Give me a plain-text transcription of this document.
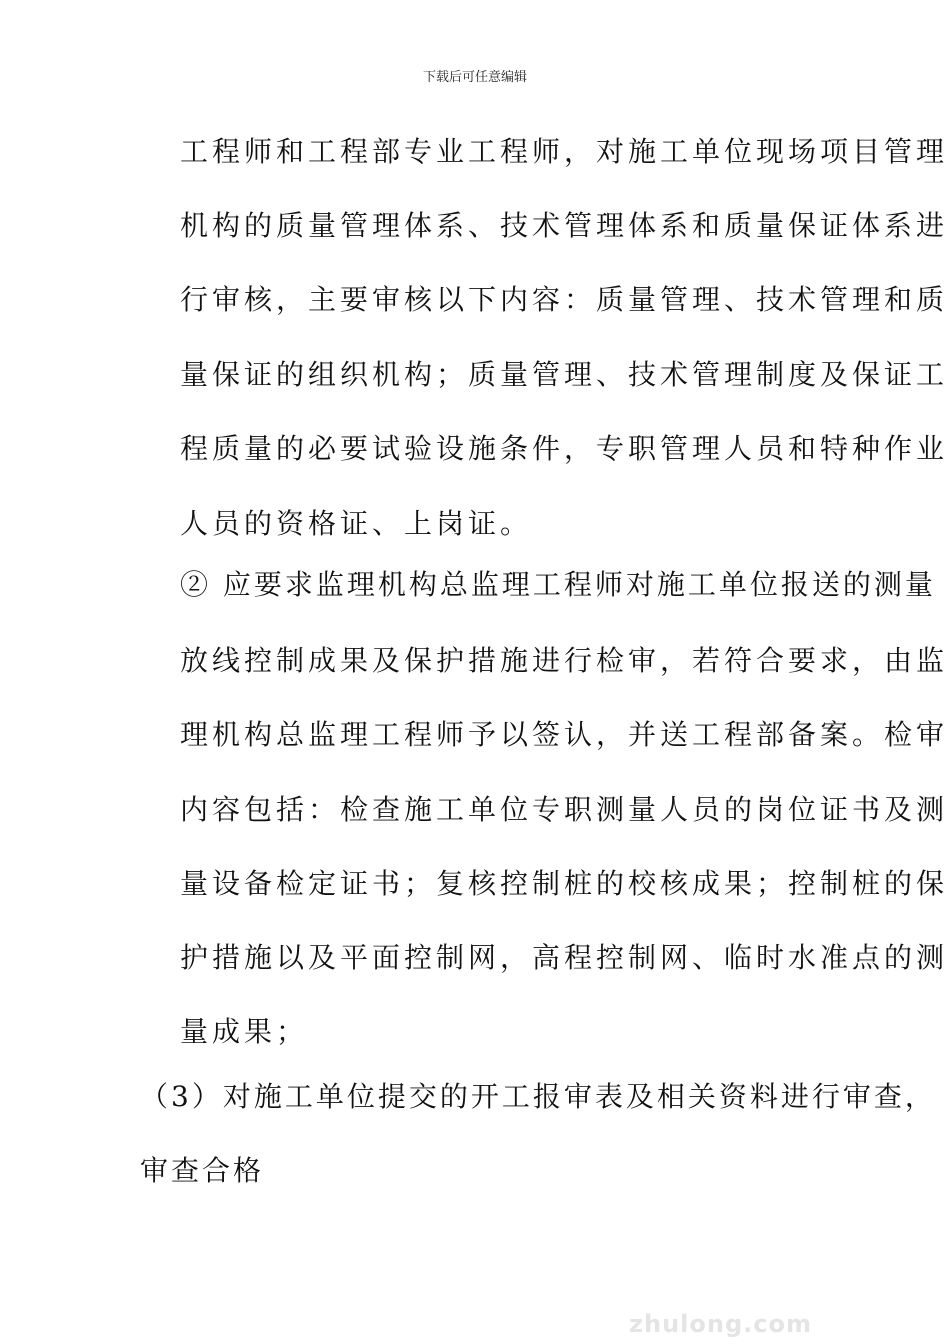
下载后可任意编辑
工程师和工程部专业工程师，对施工单位现场项目管理
机构的质量管理体系、技术管理体系和质量保证体系进
行审核，主要审核以下内容：质量管理、技术管理和质
量保证的组织机构；质量管理、技术管理制度及保证工
程质量的必要试验设施条件，专职管理人员和特种作业
人员的资格证、上岗证。
② 应要求监理机构总监理工程师对施工单位报送的测量
放线控制成果及保护措施进行检审，若符合要求，由监
理机构总监理工程师予以签认，并送工程部备案。检审
内容包括：检查施工单位专职测量人员的岗位证书及测
量设备检定证书；复核控制桩的校核成果；控制桩的保
护措施以及平面控制网，高程控制网、临时水准点的测
量成果；
（3）对施工单位提交的开工报审表及相关资料进行审查，
审查合格
zhulong.com
